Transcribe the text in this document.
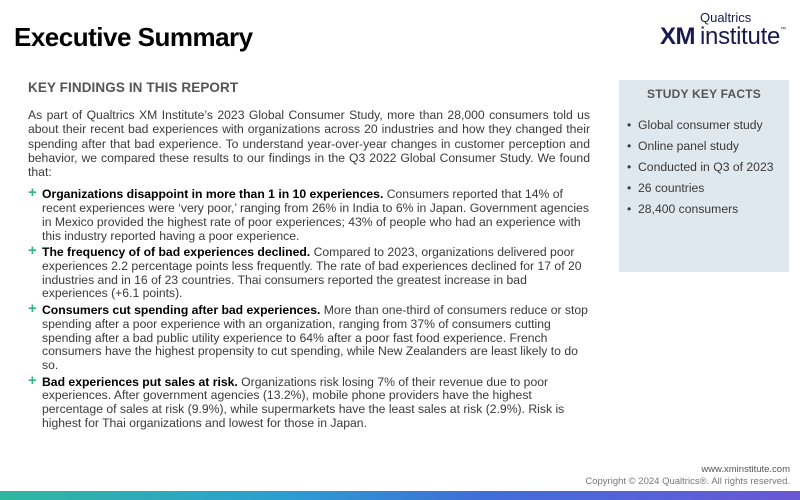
Executive Summary
Qualtrics
XM institute ™
KEY FINDINGS IN THIS REPORT

As part of Qualtrics XM Institute’s 2023 Global Consumer Study, more than 28,000 consumers told us about their recent bad experiences with organizations across 20 industries and how they changed their spending after that bad experience. To understand year-over-year changes in customer perception and behavior, we compared these results to our findings in the Q3 2022 Global Consumer Study. We found that:

+ Organizations disappoint in more than 1 in 10 experiences. Consumers reported that 14% of recent experiences were ‘very poor,’ ranging from 26% in India to 6% in Japan. Government agencies in Mexico provided the highest rate of poor experiences; 43% of people who had an experience with this industry reported having a poor experience.
+ The frequency of of bad experiences declined. Compared to 2023, organizations delivered poor experiences 2.2 percentage points less frequently. The rate of bad experiences declined for 17 of 20 industries and in 16 of 23 countries. Thai consumers reported the greatest increase in bad experiences (+6.1 points).
+ Consumers cut spending after bad experiences. More than one-third of consumers reduce or stop spending after a poor experience with an organization, ranging from 37% of consumers cutting spending after a bad public utility experience to 64% after a poor fast food experience. French consumers have the highest propensity to cut spending, while New Zealanders are least likely to do so.
+ Bad experiences put sales at risk. Organizations risk losing 7% of their revenue due to poor experiences. After government agencies (13.2%), mobile phone providers have the highest percentage of sales at risk (9.9%), while supermarkets have the least sales at risk (2.9%). Risk is highest for Thai organizations and lowest for those in Japan.
STUDY KEY FACTS
• Global consumer study
• Online panel study
• Conducted in Q3 of 2023
• 26 countries
• 28,400 consumers
www.xminstitute.com
Copyright © 2024 Qualtrics®. All rights reserved.
